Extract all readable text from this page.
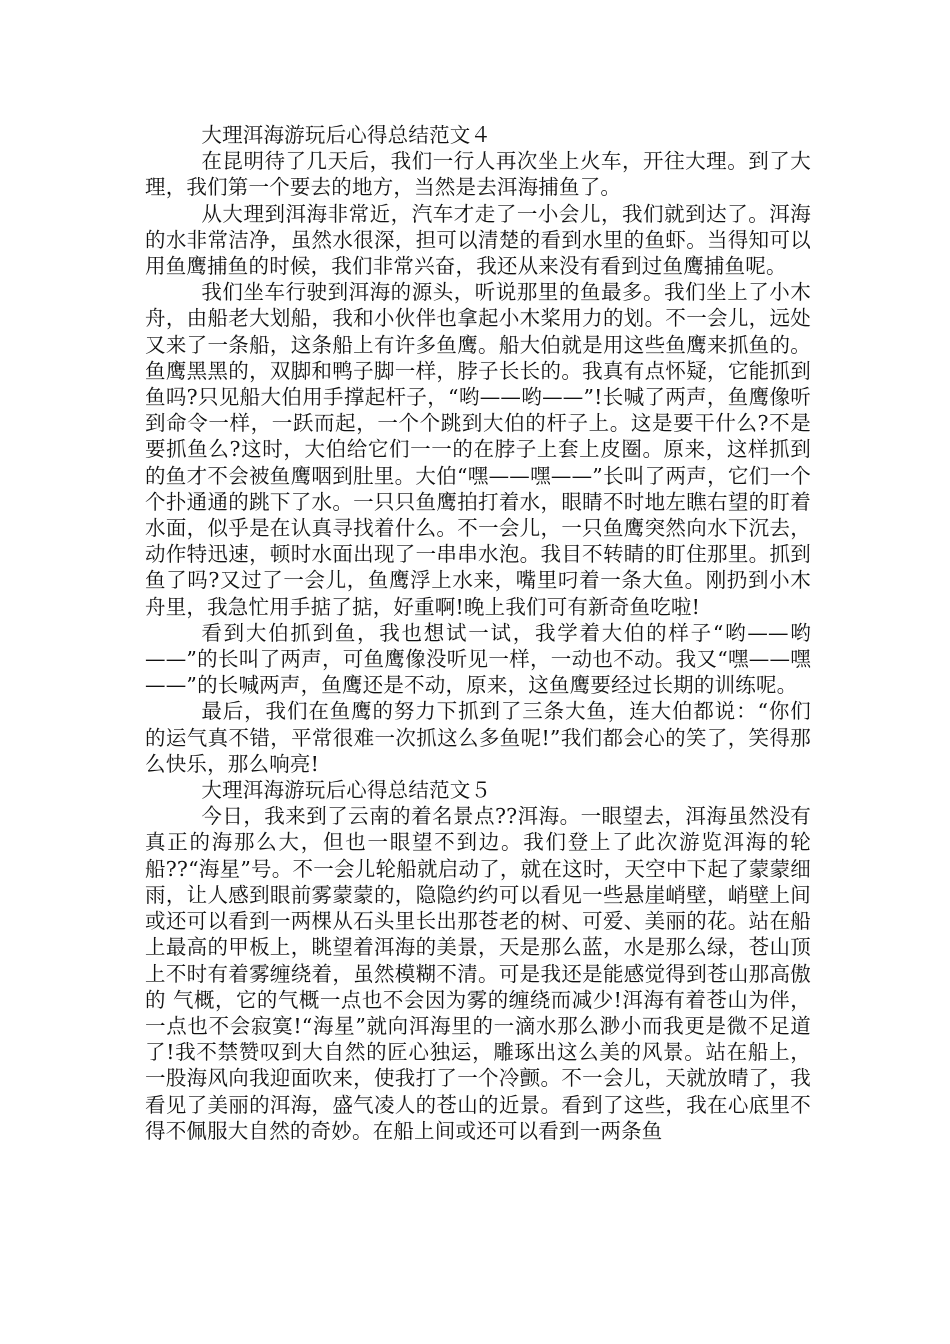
大理洱海游玩后心得总结范文４

在昆明待了几天后，我们一行人再次坐上火车，开往大理。到了大理，我们第一个要去的地方，当然是去洱海捕鱼了。

从大理到洱海非常近，汽车才走了一小会儿，我们就到达了。洱海的水非常洁净，虽然水很深，担可以清楚的看到水里的鱼虾。当得知可以用鱼鹰捕鱼的时候，我们非常兴奋，我还从来没有看到过鱼鹰捕鱼呢。

我们坐车行驶到洱海的源头，听说那里的鱼最多。我们坐上了小木舟，由船老大划船，我和小伙伴也拿起小木桨用力的划。不一会儿，远处又来了一条船，这条船上有许多鱼鹰。船大伯就是用这些鱼鹰来抓鱼的。鱼鹰黑黑的，双脚和鸭子脚一样，脖子长长的。我真有点怀疑，它能抓到鱼吗?只见船大伯用手撑起杆子，“哟——哟——”!长喊了两声，鱼鹰像听到命令一样，一跃而起，一个个跳到大伯的杆子上。这是要干什么?不是要抓鱼么?这时，大伯给它们一一的在脖子上套上皮圈。原来，这样抓到的鱼才不会被鱼鹰咽到肚里。大伯“嘿——嘿——”长叫了两声，它们一个个扑通通的跳下了水。一只只鱼鹰拍打着水，眼睛不时地左瞧右望的盯着水面，似乎是在认真寻找着什么。不一会儿，一只鱼鹰突然向水下沉去，动作特迅速，顿时水面出现了一串串水泡。我目不转睛的盯住那里。抓到鱼了吗?又过了一会儿，鱼鹰浮上水来，嘴里叼着一条大鱼。刚扔到小木舟里，我急忙用手掂了掂，好重啊!晚上我们可有新奇鱼吃啦!

看到大伯抓到鱼，我也想试一试，我学着大伯的样子“哟——哟——”的长叫了两声，可鱼鹰像没听见一样，一动也不动。我又“嘿——嘿——”的长喊两声，鱼鹰还是不动，原来，这鱼鹰要经过长期的训练呢。

最后，我们在鱼鹰的努力下抓到了三条大鱼，连大伯都说：“你们的运气真不错，平常很难一次抓这么多鱼呢!”我们都会心的笑了，笑得那么快乐，那么响亮!

大理洱海游玩后心得总结范文５

今日，我来到了云南的着名景点??洱海。一眼望去，洱海虽然没有真正的海那么大，但也一眼望不到边。我们登上了此次游览洱海的轮船??“海星”号。不一会儿轮船就启动了，就在这时，天空中下起了蒙蒙细雨，让人感到眼前雾蒙蒙的，隐隐约约可以看见一些悬崖峭壁，峭壁上间或还可以看到一两棵从石头里长出那苍老的树、可爱、美丽的花。站在船上最高的甲板上，眺望着洱海的美景，天是那么蓝，水是那么绿，苍山顶上不时有着雾缠绕着，虽然模糊不清。可是我还是能感觉得到苍山那高傲的 气概，它的气概一点也不会因为雾的缠绕而减少!洱海有着苍山为伴，一点也不会寂寞!“海星”就向洱海里的一滴水那么渺小而我更是微不足道了!我不禁赞叹到大自然的匠心独运，雕琢出这么美的风景。站在船上，一股海风向我迎面吹来，使我打了一个冷颤。不一会儿，天就放晴了，我看见了美丽的洱海，盛气凌人的苍山的近景。看到了这些，我在心底里不得不佩服大自然的奇妙。在船上间或还可以看到一两条鱼
